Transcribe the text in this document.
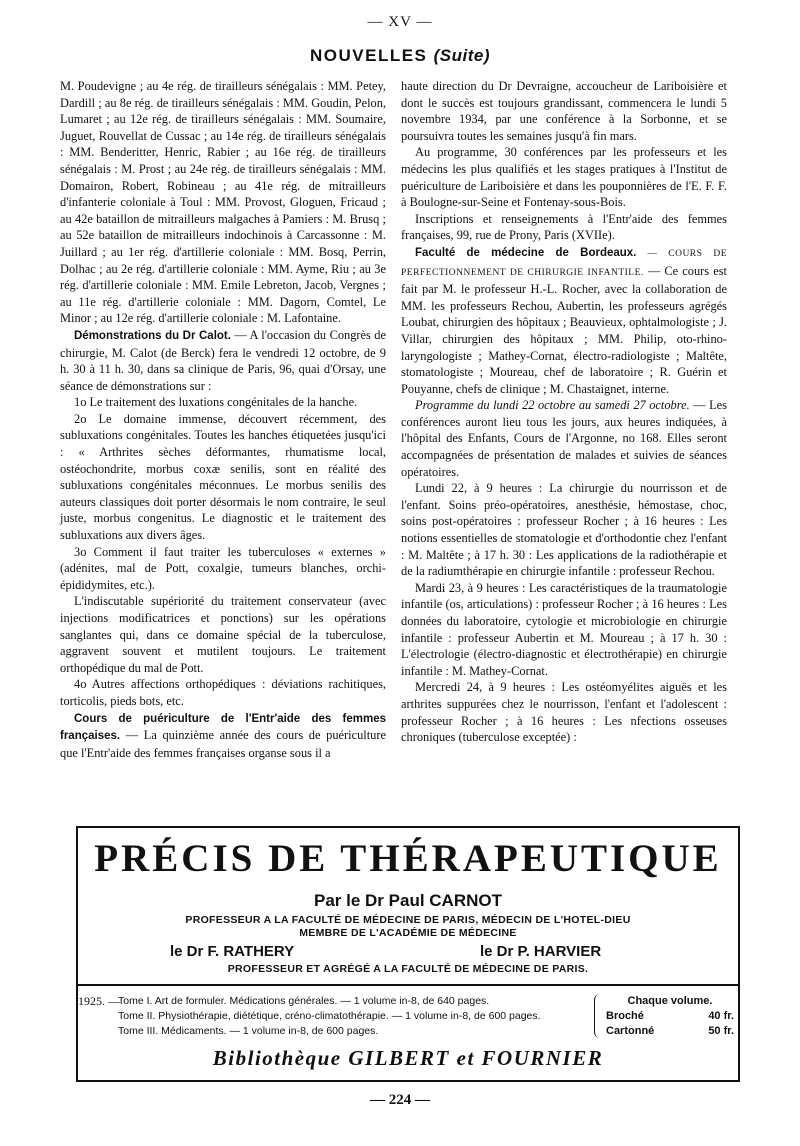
— XV —
NOUVELLES (Suite)

M. Poudevigne ; au 4e rég. de tirailleurs sénégalais : MM. Petey, Dardill ; au 8e rég. de tirailleurs sénégalais : MM. Goudin, Pelon, Lumaret ; au 12e rég. de tirailleurs sénégalais : MM. Soumaire, Juguet, Rouvellat de Cussac ; au 14e rég. de tirailleurs sénégalais : MM. Benderitter, Henric, Rabier ; au 16e rég. de tirailleurs sénégalais : M. Prost ; au 24e rég. de tirailleurs sénégalais : MM. Domairon, Robert, Robineau ; au 41e rég. de mitrailleurs d'infanterie coloniale à Toul : MM. Provost, Gloguen, Fricaud ; au 42e bataillon de mitrailleurs malgaches à Pamiers : M. Brusq ; au 52e bataillon de mitrailleurs indochinois à Carcassonne : M. Juillard ; au 1er rég. d'artillerie coloniale : MM. Bosq, Perrin, Dolhac ; au 2e rég. d'artillerie coloniale : MM. Ayme, Riu ; au 3e rég. d'artillerie coloniale : MM. Emile Lebreton, Jacob, Vergnes ; au 11e rég. d'artillerie coloniale : MM. Dagorn, Comtel, Le Minor ; au 12e rég. d'artillerie coloniale : M. Lafontaine.

Démonstrations du Dr Calot. — A l'occasion du Congrès de chirurgie, M. Calot (de Berck) fera le vendredi 12 octobre, de 9 h. 30 à 11 h. 30, dans sa clinique de Paris, 96, quai d'Orsay, une séance de démonstrations sur :

1o Le traitement des luxations congénitales de la hanche.

2o Le domaine immense, découvert récemment, des subluxations congénitales. Toutes les hanches étiquetées jusqu'ici : « Arthrites sèches déformantes, rhumatisme local, ostéochondrite, morbus coxæ senilis, sont en réalité des subluxations congénitales méconnues. Le morbus senilis des auteurs classiques doit porter désormais le nom contraire, le seul juste, morbus congenitus. Le diagnostic et le traitement des subluxations aux divers âges.

3o Comment il faut traiter les tuberculoses « externes » (adénites, mal de Pott, coxalgie, tumeurs blanches, orchi-épididymites, etc.).

L'indiscutable supériorité du traitement conservateur (avec injections modificatrices et ponctions) sur les opérations sanglantes qui, dans ce domaine spécial de la tuberculose, aggravent souvent et mutilent toujours. Le traitement orthopédique du mal de Pott.

4o Autres affections orthopédiques : déviations rachitiques, torticolis, pieds bots, etc.

Cours de puériculture de l'Entr'aide des femmes françaises. — La quinzième année des cours de puériculture que l'Entr'aide des femmes françaises organse sous il a

haute direction du Dr Devraigne, accoucheur de Lariboisière et dont le succès est toujours grandissant, commencera le lundi 5 novembre 1934, par une conférence à la Sorbonne, et se poursuivra toutes les semaines jusqu'à fin mars.

Au programme, 30 conférences par les professeurs et les médecins les plus qualifiés et les stages pratiques à l'Institut de puériculture de Lariboisière et dans les pouponnières de l'E. F. F. à Boulogne-sur-Seine et Fontenay-sous-Bois.

Inscriptions et renseignements à l'Entr'aide des femmes françaises, 99, rue de Prony, Paris (XVIIe).

Faculté de médecine de Bordeaux. — COURS DE PERFECTIONNEMENT DE CHIRURGIE INFANTILE. — Ce cours est fait par M. le professeur H.-L. Rocher, avec la collaboration de MM. les professeurs Rechou, Aubertin, les professeurs agrégés Loubat, chirurgien des hôpitaux ; Beauvieux, ophtalmologiste ; J. Villar, chirurgien des hôpitaux ; MM. Philip, oto-rhino-laryngologiste ; Mathey-Cornat, électro-radiologiste ; Maltête, stomatologiste ; Moureau, chef de laboratoire ; R. Guérin et Pouyanne, chefs de clinique ; M. Chastaignet, interne.

Programme du lundi 22 octobre au samedi 27 octobre. — Les conférences auront lieu tous les jours, aux heures indiquées, à l'hôpital des Enfants, Cours de l'Argonne, no 168. Elles seront accompagnées de présentation de malades et suivies de séances opératoires.

Lundi 22, à 9 heures : La chirurgie du nourrisson et de l'enfant. Soins préo-opératoires, anesthésie, hémostase, choc, soins post-opératoires : professeur Rocher ; à 16 heures : Les notions essentielles de stomatologie et d'orthodontie chez l'enfant : M. Maltête ; à 17 h. 30 : Les applications de la radiothérapie et de la radiumthérapie en chirurgie infantile : professeur Rechou.

Mardi 23, à 9 heures : Les caractéristiques de la traumatologie infantile (os, articulations) : professeur Rocher ; à 16 heures : Les données du laboratoire, cytologie et microbiologie en chirurgie infantile : professeur Aubertin et M. Moureau ; à 17 h. 30 : L'électrologie (électro-diagnostic et électrothérapie) en chirurgie infantile : M. Mathey-Cornat.

Mercredi 24, à 9 heures : Les ostéomyélites aiguës et les arthrites suppurées chez le nourrisson, l'enfant et l'adolescent : professeur Rocher ; à 16 heures : Les nfections osseuses chroniques (tuberculose exceptée) :

PRÉCIS DE THÉRAPEUTIQUE
Par le Dr Paul CARNOT
PROFESSEUR A LA FACULTÉ DE MÉDECINE DE PARIS, MÉDECIN DE L'HOTEL-DIEU
MEMBRE DE L'ACADÉMIE DE MÉDECINE
le Dr F. RATHERY	le Dr P. HARVIER
PROFESSEUR ET AGRÉGÉ A LA FACULTÉ DE MÉDECINE DE PARIS.
1925. —
Tome I. Art de formuler. Médications générales. — 1 volume in-8, de 640 pages.
Tome II. Physiothérapie, diététique, créno-climatothérapie. — 1 volume in-8, de 600 pages.
Tome III. Médicaments. — 1 volume in-8, de 600 pages.
Chaque volume.
Broché	40 fr.
Cartonné	50 fr.
Bibliothèque GILBERT et FOURNIER
— 224 —
